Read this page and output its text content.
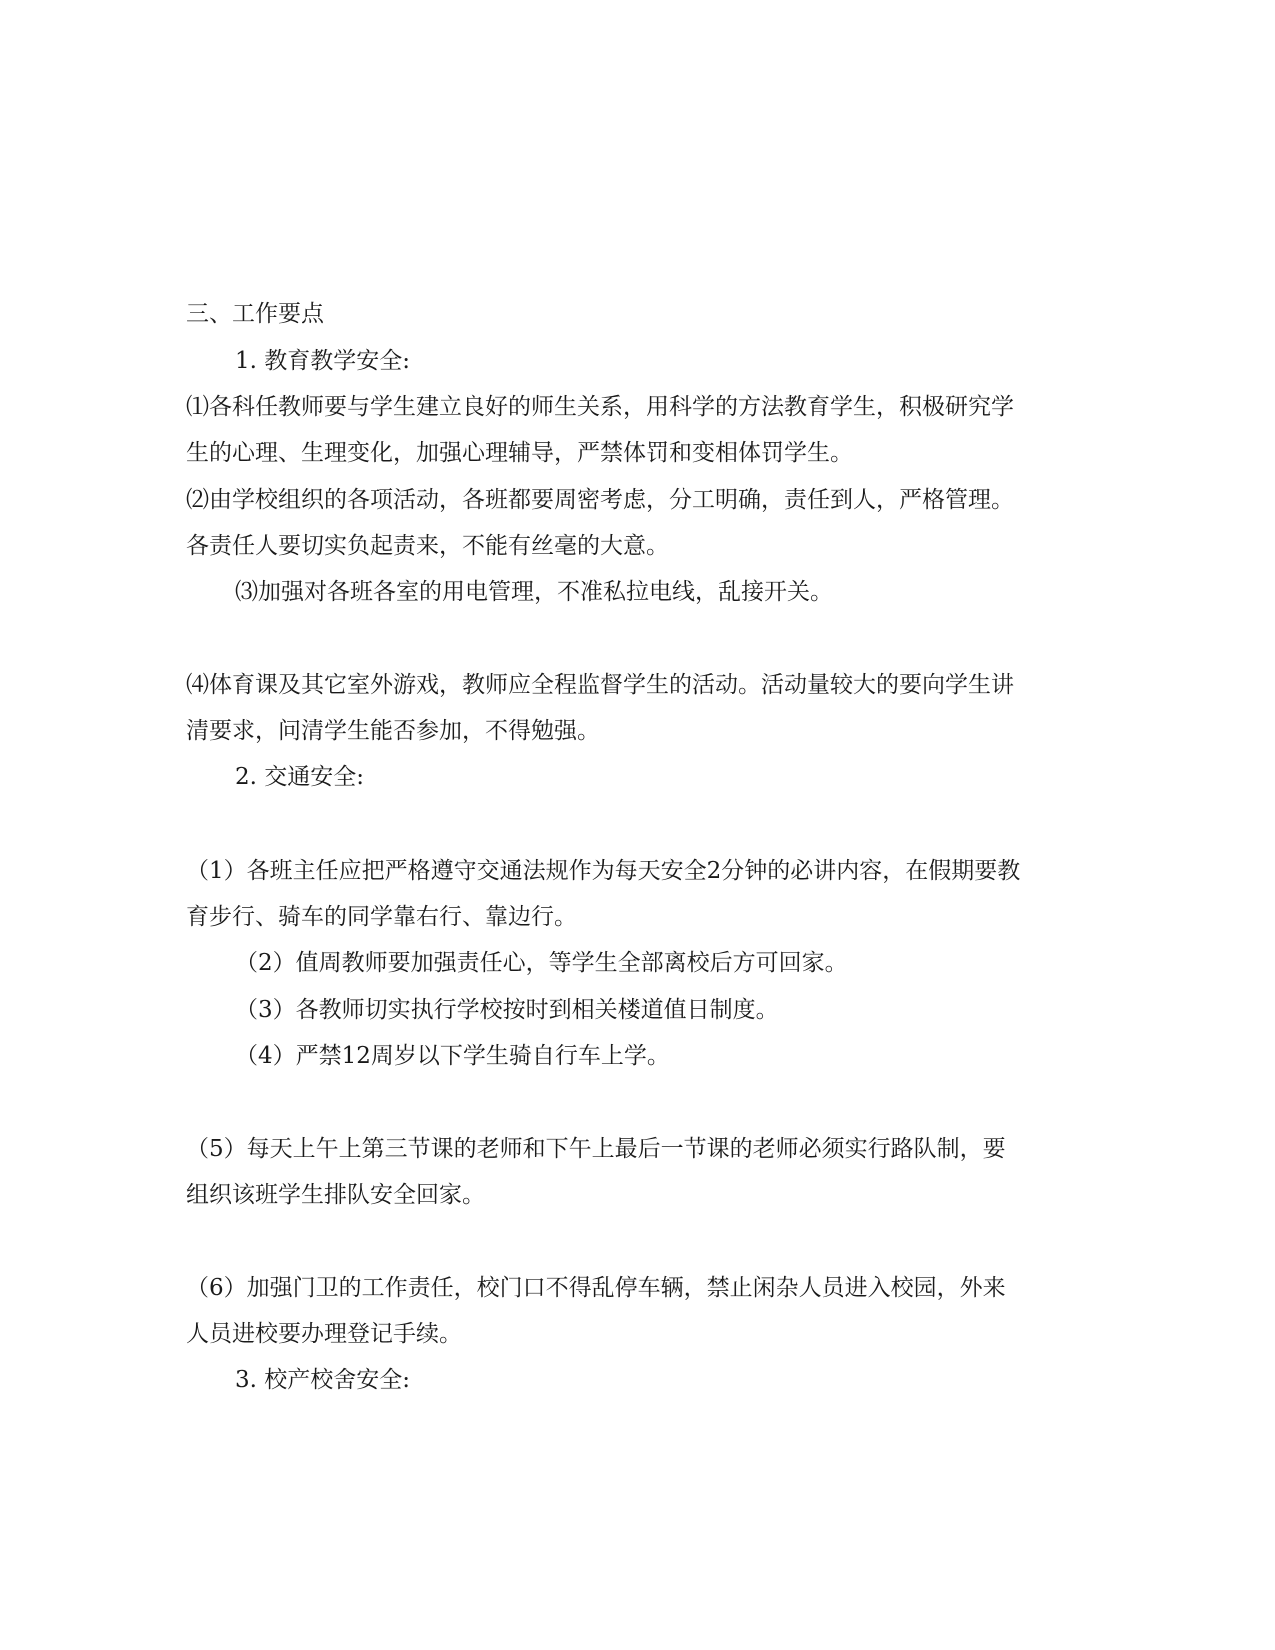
三、工作要点
1. 教育教学安全:
⑴各科任教师要与学生建立良好的师生关系，用科学的方法教育学生，积极研究学
生的心理、生理变化，加强心理辅导，严禁体罚和变相体罚学生。
⑵由学校组织的各项活动，各班都要周密考虑，分工明确，责任到人，严格管理。
各责任人要切实负起责来，不能有丝毫的大意。
⑶加强对各班各室的用电管理，不准私拉电线，乱接开关。
⑷体育课及其它室外游戏，教师应全程监督学生的活动。活动量较大的要向学生讲
清要求，问清学生能否参加，不得勉强。
2. 交通安全:
（1）各班主任应把严格遵守交通法规作为每天安全2分钟的必讲内容，在假期要教
育步行、骑车的同学靠右行、靠边行。
（2）值周教师要加强责任心，等学生全部离校后方可回家。
（3）各教师切实执行学校按时到相关楼道值日制度。
（4）严禁12周岁以下学生骑自行车上学。
（5）每天上午上第三节课的老师和下午上最后一节课的老师必须实行路队制，要
组织该班学生排队安全回家。
（6）加强门卫的工作责任，校门口不得乱停车辆，禁止闲杂人员进入校园，外来
人员进校要办理登记手续。
3. 校产校舍安全:
